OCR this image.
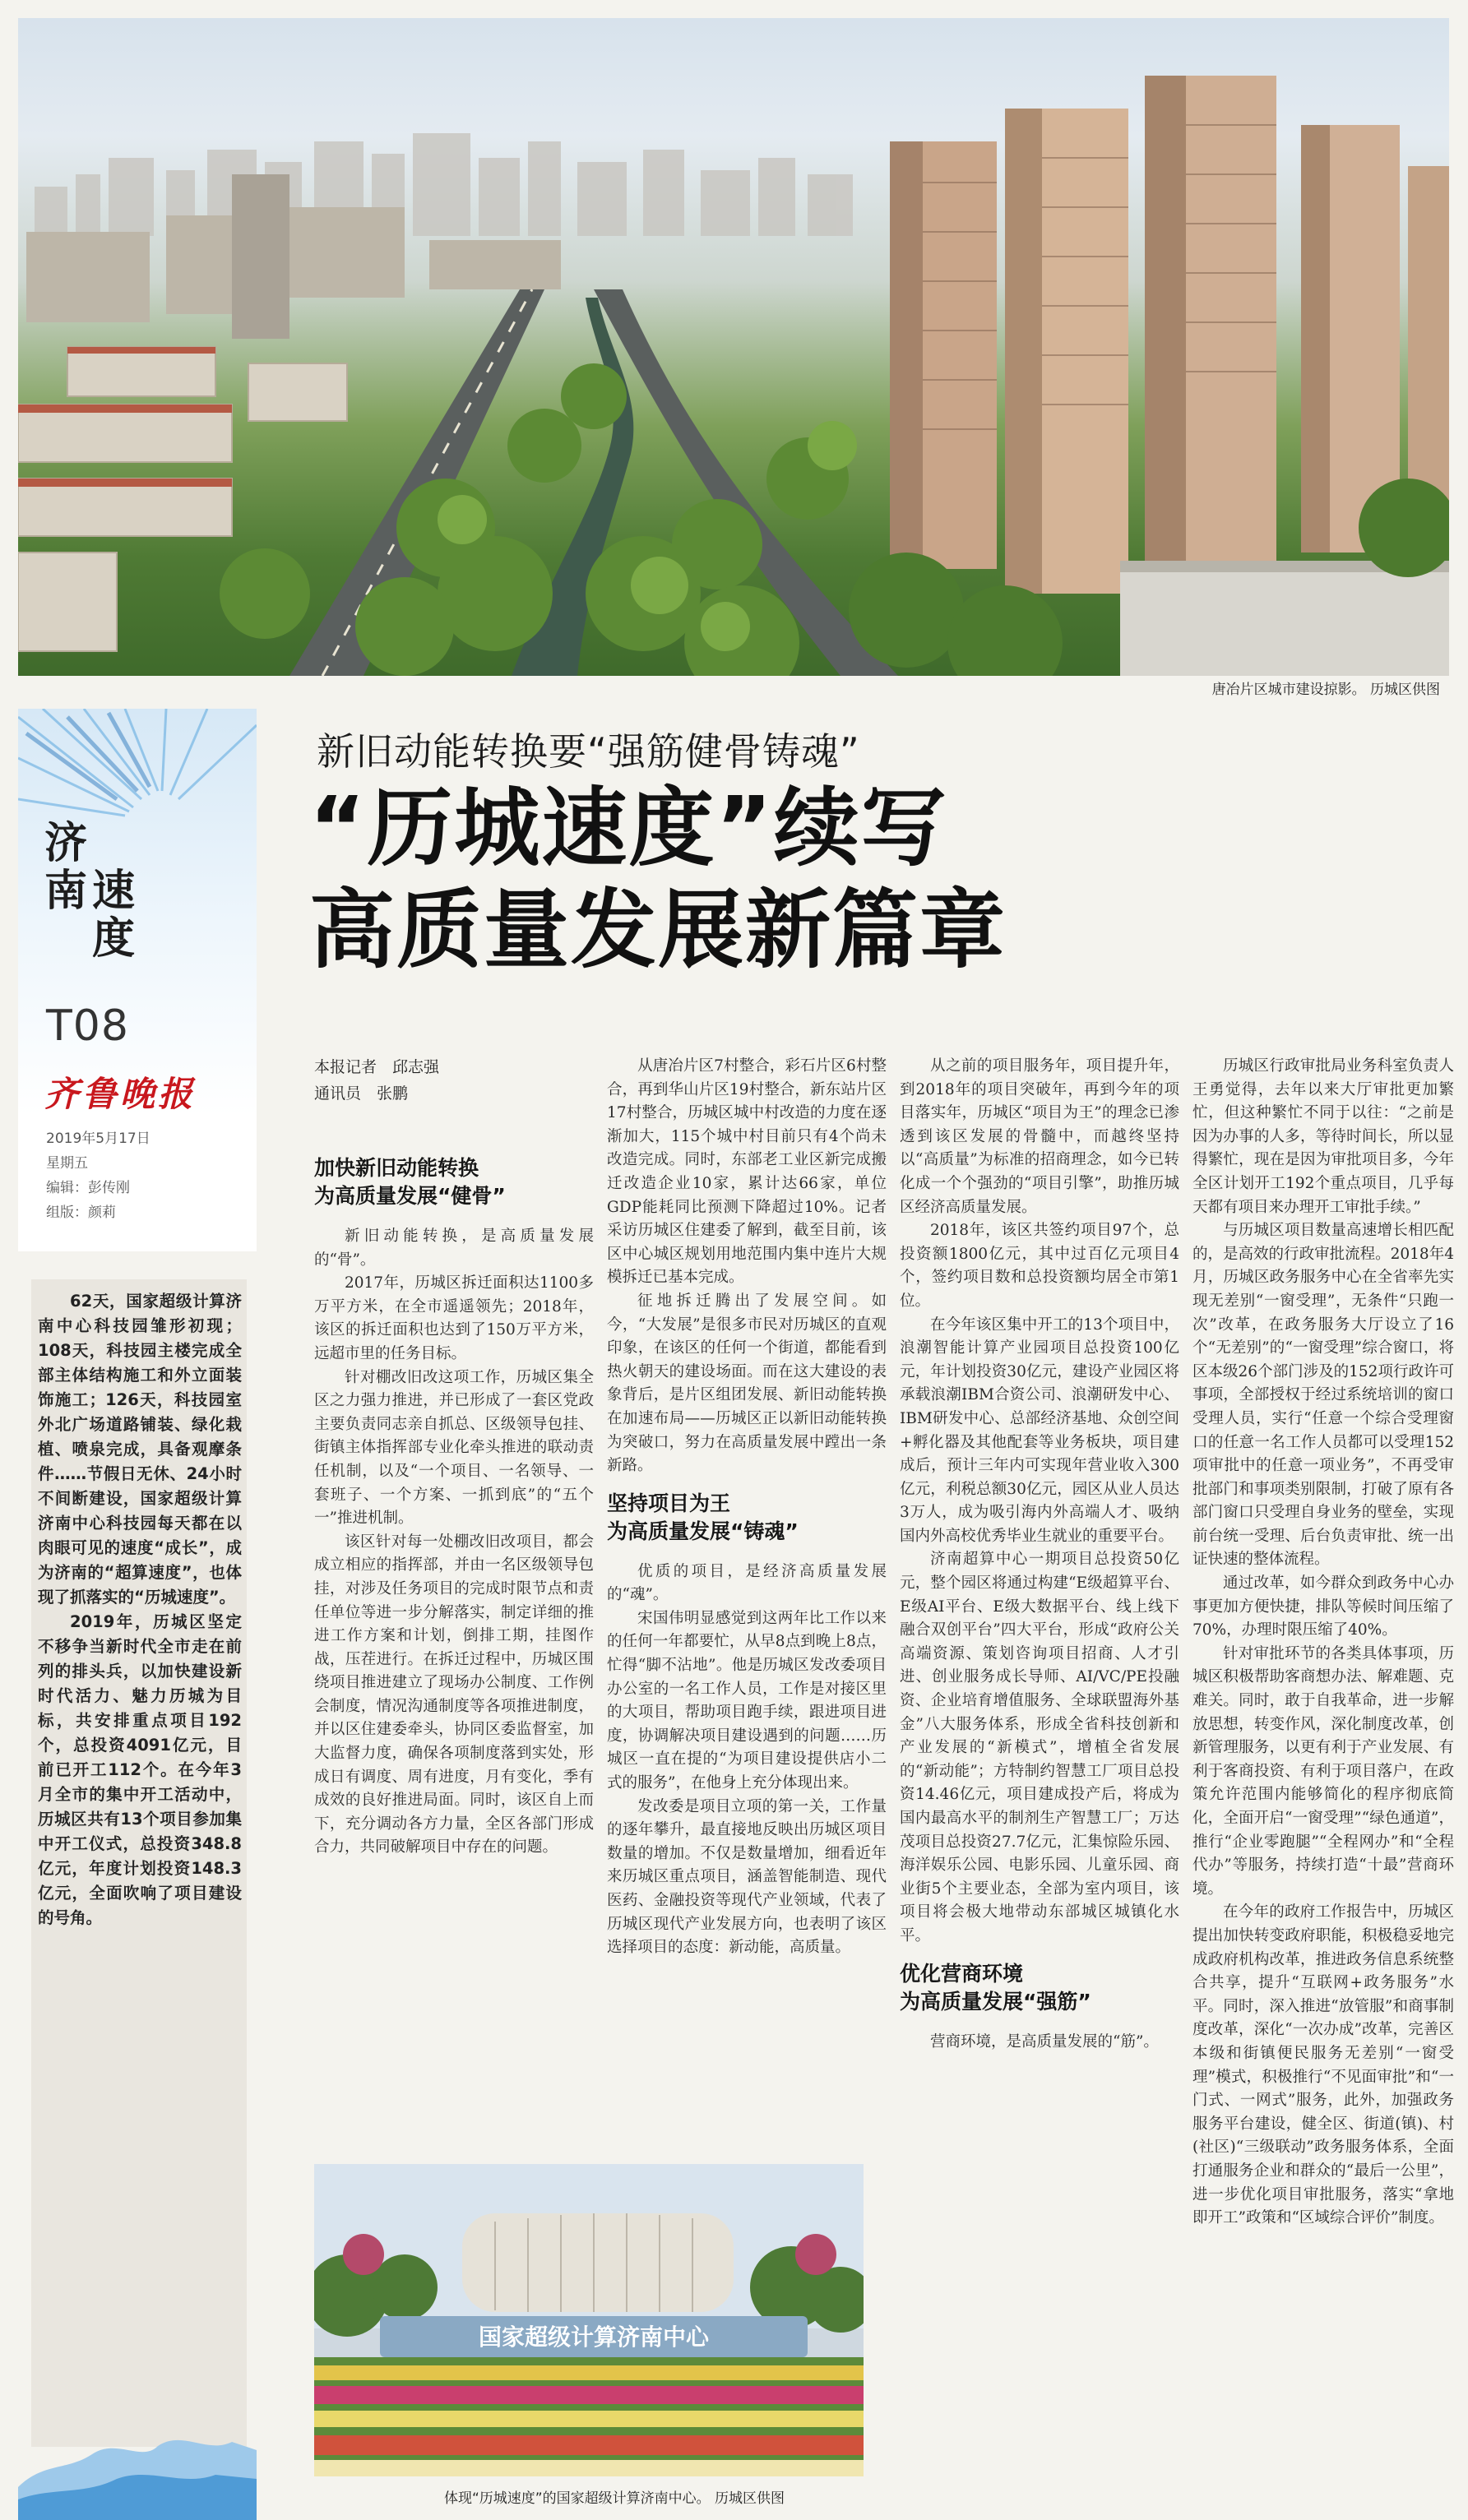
唐冶片区城市建设掠影。 历城区供图
济
南 速
度
T08
齐鲁晚报
2019年5月17日
星期五
编辑：彭传刚
组版：颜莉

62天，国家超级计算济南中心科技园雏形初现；108天，科技园主楼完成全部主体结构施工和外立面装饰施工；126天，科技园室外北广场道路铺装、绿化栽植、喷泉完成，具备观摩条件……节假日无休、24小时不间断建设，国家超级计算济南中心科技园每天都在以肉眼可见的速度“成长”，成为济南的“超算速度”，也体现了抓落实的“历城速度”。

2019年，历城区坚定不移争当新时代全市走在前列的排头兵，以加快建设新时代活力、魅力历城为目标，共安排重点项目192个，总投资4091亿元，目前已开工112个。在今年3月全市的集中开工活动中，历城区共有13个项目参加集中开工仪式，总投资348.8亿元，年度计划投资148.3亿元，全面吹响了项目建设的号角。

新旧动能转换要“强筋健骨铸魂”
“历城速度”续写
高质量发展新篇章
本报记者　邱志强
通讯员　张鹏

加快新旧动能转换

为高质量发展“健骨”

新旧动能转换，是高质量发展的“骨”。

2017年，历城区拆迁面积达1100多万平方米，在全市遥遥领先；2018年，该区的拆迁面积也达到了150万平方米，远超市里的任务目标。

针对棚改旧改这项工作，历城区集全区之力强力推进，并已形成了一套区党政主要负责同志亲自抓总、区级领导包挂、街镇主体指挥部专业化牵头推进的联动责任机制，以及“一个项目、一名领导、一套班子、一个方案、一抓到底”的“五个一”推进机制。

该区针对每一处棚改旧改项目，都会成立相应的指挥部，并由一名区级领导包挂，对涉及任务项目的完成时限节点和责任单位等进一步分解落实，制定详细的推进工作方案和计划，倒排工期，挂图作战，压茬进行。在拆迁过程中，历城区围绕项目推进建立了现场办公制度、工作例会制度，情况沟通制度等各项推进制度，并以区住建委牵头，协同区委监督室，加大监督力度，确保各项制度落到实处，形成日有调度、周有进度，月有变化，季有成效的良好推进局面。同时，该区自上而下，充分调动各方力量，全区各部门形成合力，共同破解项目中存在的问题。

从唐冶片区7村整合，彩石片区6村整合，再到华山片区19村整合，新东站片区17村整合，历城区城中村改造的力度在逐渐加大，115个城中村目前只有4个尚未改造完成。同时，东部老工业区新完成搬迁改造企业10家，累计达66家，单位GDP能耗同比预测下降超过10%。记者采访历城区住建委了解到，截至目前，该区中心城区规划用地范围内集中连片大规模拆迁已基本完成。

征地拆迁腾出了发展空间。如今，“大发展”是很多市民对历城区的直观印象，在该区的任何一个街道，都能看到热火朝天的建设场面。而在这大建设的表象背后，是片区组团发展、新旧动能转换在加速布局——历城区正以新旧动能转换为突破口，努力在高质量发展中蹚出一条新路。

坚持项目为王

为高质量发展“铸魂”

优质的项目，是经济高质量发展的“魂”。

宋国伟明显感觉到这两年比工作以来的任何一年都要忙，从早8点到晚上8点，忙得“脚不沾地”。他是历城区发改委项目办公室的一名工作人员，工作是对接区里的大项目，帮助项目跑手续，跟进项目进度，协调解决项目建设遇到的问题……历城区一直在提的“为项目建设提供店小二式的服务”，在他身上充分体现出来。

发改委是项目立项的第一关，工作量的逐年攀升，最直接地反映出历城区项目数量的增加。不仅是数量增加，细看近年来历城区重点项目，涵盖智能制造、现代医药、金融投资等现代产业领域，代表了历城区现代产业发展方向，也表明了该区选择项目的态度：新动能，高质量。

从之前的项目服务年，项目提升年，到2018年的项目突破年，再到今年的项目落实年，历城区“项目为王”的理念已渗透到该区发展的骨髓中，而越终坚持以“高质量”为标准的招商理念，如今已转化成一个个强劲的“项目引擎”，助推历城区经济高质量发展。

2018年，该区共签约项目97个，总投资额1800亿元，其中过百亿元项目4个，签约项目数和总投资额均居全市第1位。

在今年该区集中开工的13个项目中，浪潮智能计算产业园项目总投资100亿元，年计划投资30亿元，建设产业园区将承载浪潮IBM合资公司、浪潮研发中心、IBM研发中心、总部经济基地、众创空间+孵化器及其他配套等业务板块，项目建成后，预计三年内可实现年营业收入300亿元，利税总额30亿元，园区从业人员达3万人，成为吸引海内外高端人才、吸纳国内外高校优秀毕业生就业的重要平台。

济南超算中心一期项目总投资50亿元，整个园区将通过构建“E级超算平台、E级AI平台、E级大数据平台、线上线下融合双创平台”四大平台，形成“政府公关高端资源、策划咨询项目招商、人才引进、创业服务成长导师、AI/VC/PE投融资、企业培育增值服务、全球联盟海外基金”八大服务体系，形成全省科技创新和产业发展的“新模式”，增植全省发展的“新动能”；方特制约智慧工厂项目总投资14.46亿元，项目建成投产后，将成为国内最高水平的制剂生产智慧工厂；万达茂项目总投资27.7亿元，汇集惊险乐园、海洋娱乐公园、电影乐园、儿童乐园、商业街5个主要业态，全部为室内项目，该项目将会极大地带动东部城区城镇化水平。

优化营商环境

为高质量发展“强筋”

营商环境，是高质量发展的“筋”。

历城区行政审批局业务科室负责人王勇觉得，去年以来大厅审批更加繁忙，但这种繁忙不同于以往：“之前是因为办事的人多，等待时间长，所以显得繁忙，现在是因为审批项目多，今年全区计划开工192个重点项目，几乎每天都有项目来办理开工审批手续。”

与历城区项目数量高速增长相匹配的，是高效的行政审批流程。2018年4月，历城区政务服务中心在全省率先实现无差别“一窗受理”，无条件“只跑一次”改革，在政务服务大厅设立了16个“无差别”的“一窗受理”综合窗口，将区本级26个部门涉及的152项行政许可事项，全部授权于经过系统培训的窗口受理人员，实行“任意一个综合受理窗口的任意一名工作人员都可以受理152项审批中的任意一项业务”，不再受审批部门和事项类别限制，打破了原有各部门窗口只受理自身业务的壁垒，实现前台统一受理、后台负责审批、统一出证快速的整体流程。

通过改革，如今群众到政务中心办事更加方便快捷，排队等候时间压缩了70%，办理时限压缩了40%。

针对审批环节的各类具体事项，历城区积极帮助客商想办法、解难题、克难关。同时，敢于自我革命，进一步解放思想，转变作风，深化制度改革，创新管理服务，以更有利于产业发展、有利于客商投资、有利于项目落户，在政策允许范围内能够简化的程序彻底简化，全面开启“一窗受理”“绿色通道”，推行“企业零跑腿”“全程网办”和“全程代办”等服务，持续打造“十最”营商环境。

在今年的政府工作报告中，历城区提出加快转变政府职能，积极稳妥地完成政府机构改革，推进政务信息系统整合共享，提升“互联网+政务服务”水平。同时，深入推进“放管服”和商事制度改革，深化“一次办成”改革，完善区本级和街镇便民服务无差别“一窗受理”模式，积极推行“不见面审批”和“一门式、一网式”服务，此外，加强政务服务平台建设，健全区、街道(镇)、村(社区)“三级联动”政务服务体系，全面打通服务企业和群众的“最后一公里”，进一步优化项目审批服务，落实“拿地即开工”政策和“区域综合评价”制度。

国家超级计算济南中心
体现“历城速度”的国家超级计算济南中心。 历城区供图
